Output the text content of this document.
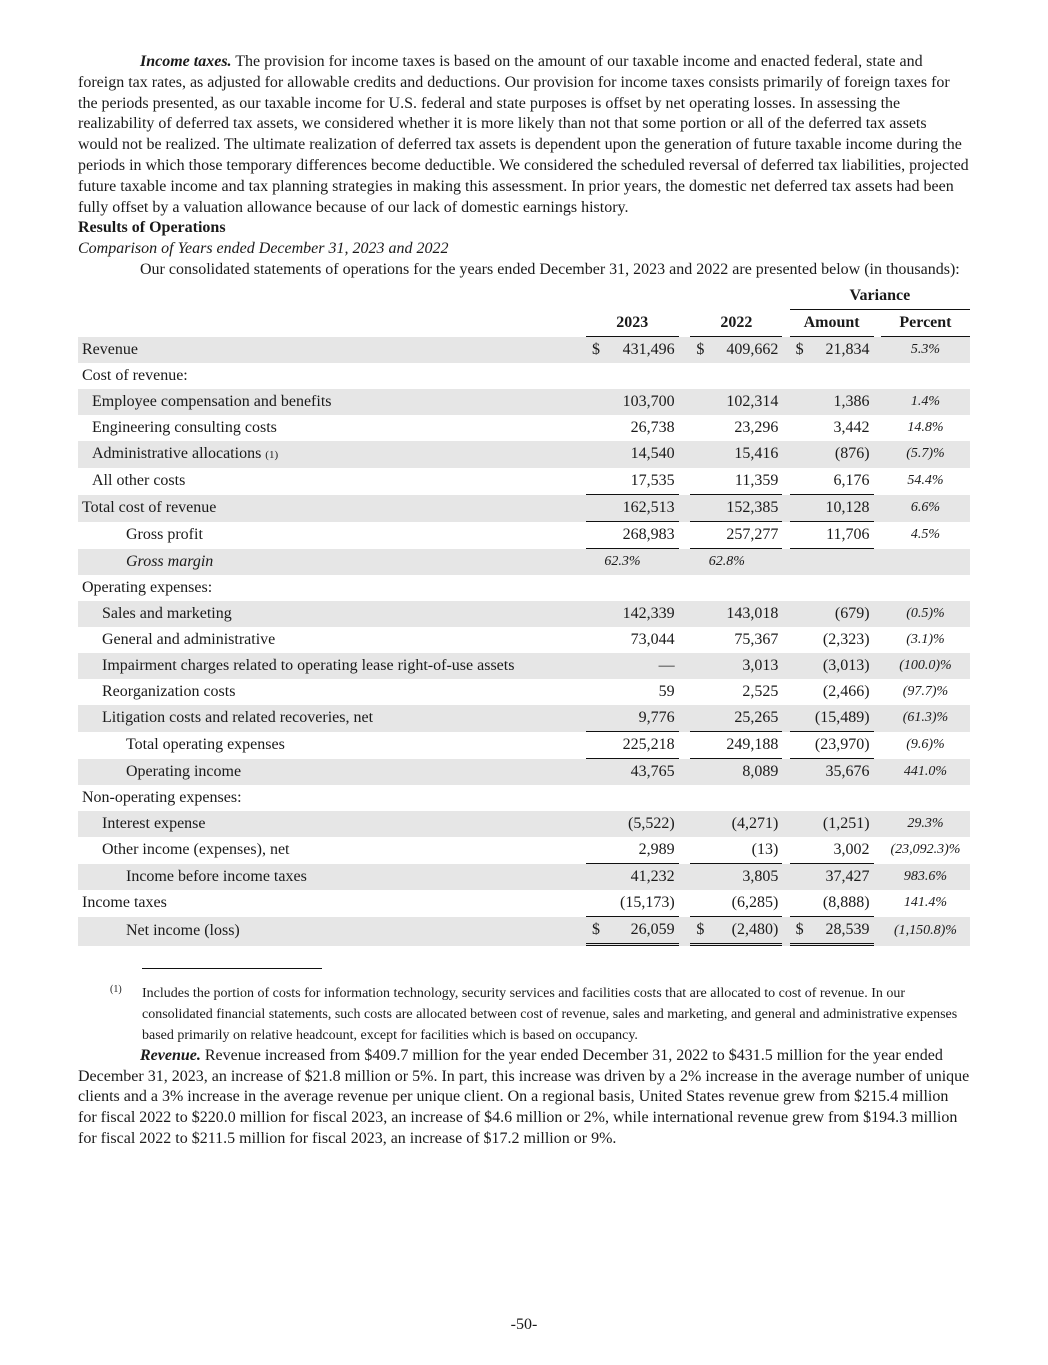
Income taxes. The provision for income taxes is based on the amount of our taxable income and enacted federal, state and foreign tax rates, as adjusted for allowable credits and deductions. Our provision for income taxes consists primarily of foreign taxes for the periods presented, as our taxable income for U.S. federal and state purposes is offset by net operating losses. In assessing the realizability of deferred tax assets, we considered whether it is more likely than not that some portion or all of the deferred tax assets would not be realized. The ultimate realization of deferred tax assets is dependent upon the generation of future taxable income during the periods in which those temporary differences become deductible. We considered the scheduled reversal of deferred tax liabilities, projected future taxable income and tax planning strategies in making this assessment. In prior years, the domestic net deferred tax assets had been fully offset by a valuation allowance because of our lack of domestic earnings history.

Results of Operations

Comparison of Years ended December 31, 2023 and 2022

Our consolidated statements of operations for the years ended December 31, 2023 and 2022 are presented below (in thousands):

							Variance			
	2023			2022			Amount			Percent
Revenue	$	431,496		$	409,662		$	21,834		5.3%
Cost of revenue:										
Employee compensation and benefits		103,700			102,314			1,386		1.4%
Engineering consulting costs		26,738			23,296			3,442		14.8%
Administrative allocations (1)		14,540			15,416			(876)		(5.7)%
All other costs		17,535			11,359			6,176		54.4%
Total cost of revenue		162,513			152,385			10,128		6.6%
Gross profit		268,983			257,277			11,706		4.5%
Gross margin		62.3%			62.8%					
Operating expenses:										
Sales and marketing		142,339			143,018			(679)		(0.5)%
General and administrative		73,044			75,367			(2,323)		(3.1)%
Impairment charges related to operating lease right-of-use assets		—			3,013			(3,013)		(100.0)%
Reorganization costs		59			2,525			(2,466)		(97.7)%
Litigation costs and related recoveries, net		9,776			25,265			(15,489)		(61.3)%
Total operating expenses		225,218			249,188			(23,970)		(9.6)%
Operating income		43,765			8,089			35,676		441.0%
Non-operating expenses:										
Interest expense		(5,522)			(4,271)			(1,251)		29.3%
Other income (expenses), net		2,989			(13)			3,002		(23,092.3)%
Income before income taxes		41,232			3,805			37,427		983.6%
Income taxes		(15,173)			(6,285)			(8,888)		141.4%
Net income (loss)	$	26,059		$	(2,480)		$	28,539		(1,150.8)%
(1) Includes the portion of costs for information technology, security services and facilities costs that are allocated to cost of revenue. In our consolidated financial statements, such costs are allocated between cost of revenue, sales and marketing, and general and administrative expenses based primarily on relative headcount, except for facilities which is based on occupancy.

Revenue. Revenue increased from $409.7 million for the year ended December 31, 2022 to $431.5 million for the year ended December 31, 2023, an increase of $21.8 million or 5%. In part, this increase was driven by a 2% increase in the average number of unique clients and a 3% increase in the average revenue per unique client. On a regional basis, United States revenue grew from $215.4 million for fiscal 2022 to $220.0 million for fiscal 2023, an increase of $4.6 million or 2%, while international revenue grew from $194.3 million for fiscal 2022 to $211.5 million for fiscal 2023, an increase of $17.2 million or 9%.

-50-
